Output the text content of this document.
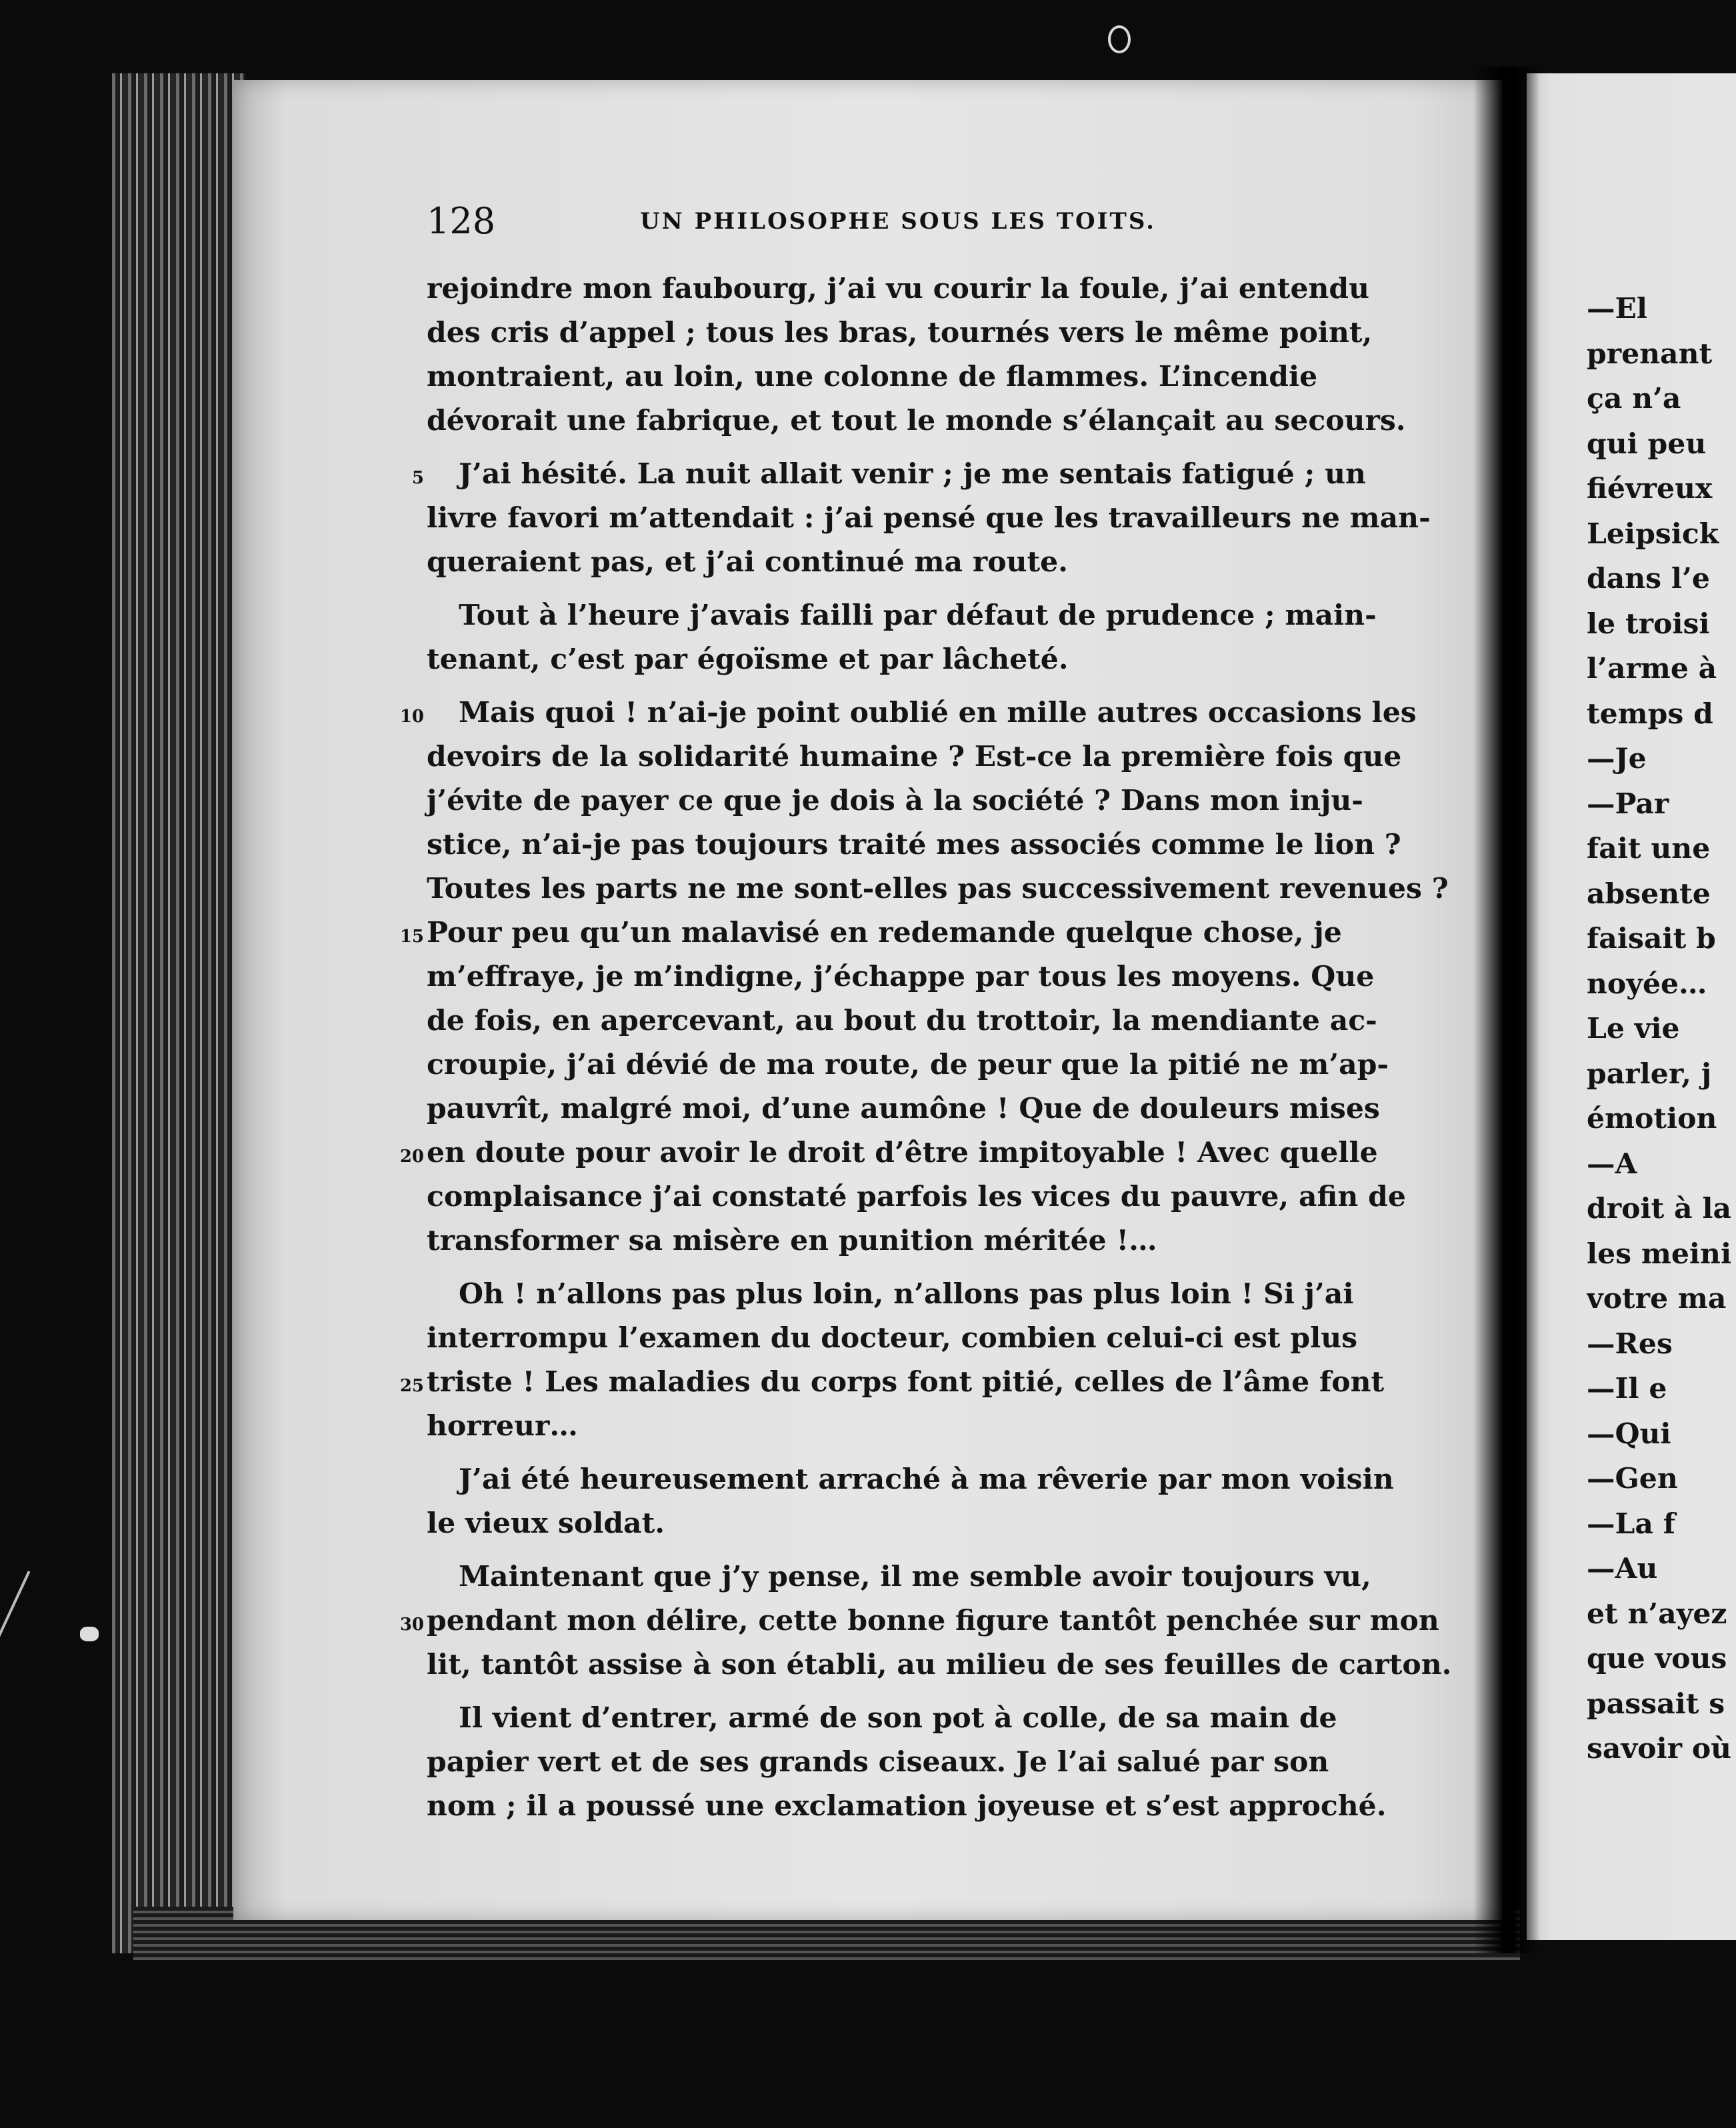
128	UN PHILOSOPHE SOUS LES TOITS.
rejoindre mon faubourg, j’ai vu courir la foule, j’ai entendu
des cris d’appel ; tous les bras, tournés vers le même point,
montraient, au loin, une colonne de flammes. L’incendie
dévorait une fabrique, et tout le monde s’élançait au secours.
J’ai hésité. La nuit allait venir ; je me sentais fatigué ; un
5
livre favori m’attendait : j’ai pensé que les travailleurs ne man-
queraient pas, et j’ai continué ma route.
Tout à l’heure j’avais failli par défaut de prudence ; main-
tenant, c’est par égoïsme et par lâcheté.
Mais quoi ! n’ai-je point oublié en mille autres occasions les
10
devoirs de la solidarité humaine ? Est-ce la première fois que
j’évite de payer ce que je dois à la société ? Dans mon inju-
stice, n’ai-je pas toujours traité mes associés comme le lion ?
Toutes les parts ne me sont-elles pas successivement revenues ?
Pour peu qu’un malavisé en redemande quelque chose, je
15
m’effraye, je m’indigne, j’échappe par tous les moyens. Que
de fois, en apercevant, au bout du trottoir, la mendiante ac-
croupie, j’ai dévié de ma route, de peur que la pitié ne m’ap-
pauvrît, malgré moi, d’une aumône ! Que de douleurs mises
en doute pour avoir le droit d’être impitoyable ! Avec quelle
20
complaisance j’ai constaté parfois les vices du pauvre, afin de
transformer sa misère en punition méritée !…
Oh ! n’allons pas plus loin, n’allons pas plus loin ! Si j’ai
interrompu l’examen du docteur, combien celui-ci est plus
triste ! Les maladies du corps font pitié, celles de l’âme font
25
horreur…
J’ai été heureusement arraché à ma rêverie par mon voisin
le vieux soldat.
Maintenant que j’y pense, il me semble avoir toujours vu,
pendant mon délire, cette bonne figure tantôt penchée sur mon
30
lit, tantôt assise à son établi, au milieu de ses feuilles de carton.
Il vient d’entrer, armé de son pot à colle, de sa main de
papier vert et de ses grands ciseaux. Je l’ai salué par son
nom ; il a poussé une exclamation joyeuse et s’est approché.
—El
prenant
ça n’a
qui peu
fiévreux
Leipsick
dans l’e
le troisi
l’arme à
temps d
—Je
—Par
fait une
absente
faisait b
noyée…
Le vie
parler, j
émotion
—A
droit à la
les meini
votre ma
—Res
—Il e
—Qui
—Gen
—La f
—Au
et n’ayez
que vous
passait s
savoir où
